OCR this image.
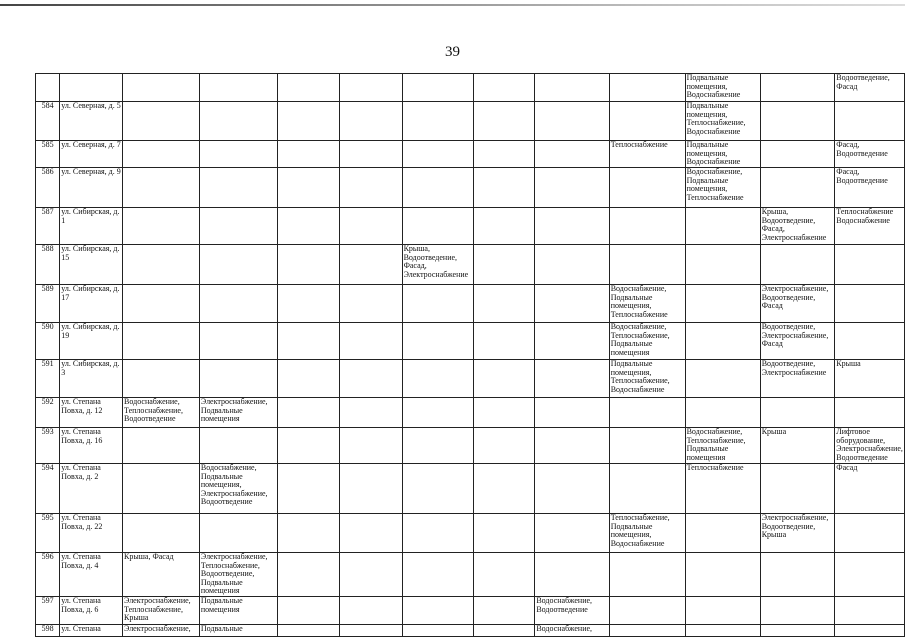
39
										Подвальные
помещения,
Водоснабжение		Водоотведение,
Фасад
584	ул. Северная, д. 5									Подвальные
помещения,
Теплоснабжение,
Водоснабжение		
585	ул. Северная, д. 7								Теплоснабжение	Подвальные
помещения,
Водоснабжение		Фасад,
Водоотведение
586	ул. Северная, д. 9									Водоснабжение,
Подвальные
помещения,
Теплоснабжение		Фасад,
Водоотведение
587	ул. Сибирская, д.
1										Крыша,
Водоотведение,
Фасад,
Электроснабжение	Теплоснабжение
Водоснабжение
588	ул. Сибирская, д.
15					Крыша,
Водоотведение,
Фасад,
Электроснабжение						
589	ул. Сибирская, д.
17								Водоснабжение,
Подвальные
помещения,
Теплоснабжение		Электроснабжение,
Водоотведение,
Фасад	
590	ул. Сибирская, д.
19								Водоснабжение,
Теплоснабжение,
Подвальные
помещения		Водоотведение,
Электроснабжение,
Фасад	
591	ул. Сибирская, д.
3								Подвальные
помещения,
Теплоснабжение,
Водоснабжение		Водоотведение,
Электроснабжение	Крыша
592	ул. Степана
Повха, д. 12	Водоснабжение,
Теплоснабжение,
Водоотведение	Электроснабжение,
Подвальные
помещения									
593	ул. Степана
Повха, д. 16									Водоснабжение,
Теплоснабжение,
Подвальные
помещения	Крыша	Лифтовое
оборудование,
Электроснабжение,
Водоотведение
594	ул. Степана
Повха, д. 2		Водоснабжение,
Подвальные
помещения,
Электроснабжение,
Водоотведение							Теплоснабжение		Фасад
595	ул. Степана
Повха, д. 22								Теплоснабжение,
Подвальные
помещения,
Водоснабжение		Электроснабжение,
Водоотведение,
Крыша	
596	ул. Степана
Повха, д. 4	Крыша, Фасад	Электроснабжение,
Теплоснабжение,
Водоотведение,
Подвальные
помещения									
597	ул. Степана
Повха, д. 6	Электроснабжение,
Теплоснабжение,
Крыша	Подвальные
помещения					Водоснабжение,
Водоотведение				
598	ул. Степана	Электроснабжение,	Подвальные					Водоснабжение,				
